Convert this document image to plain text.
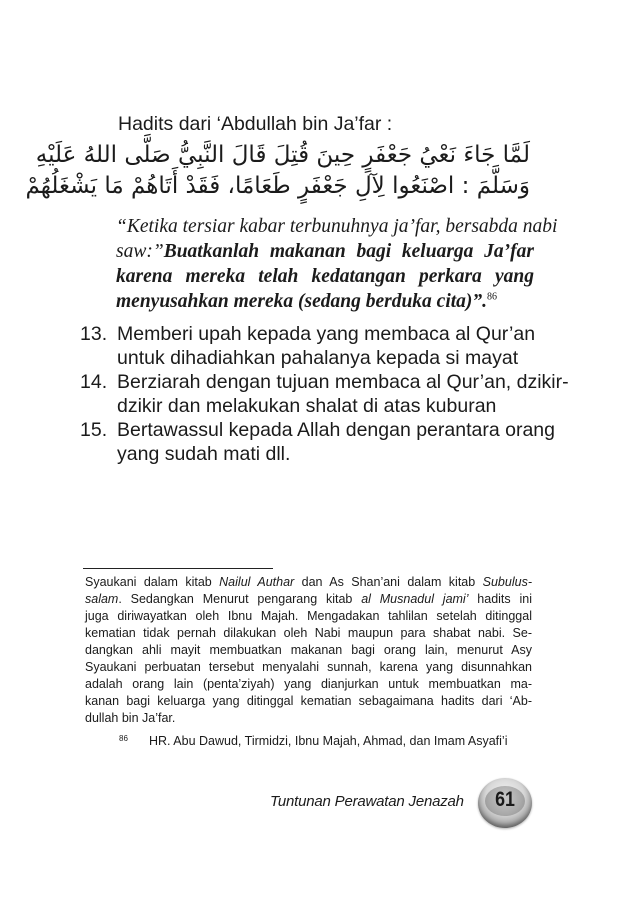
Hadits dari ‘Abdullah bin Ja’far :
لَمَّا جَاءَ نَعْيُ جَعْفَرٍ حِينَ قُتِلَ قَالَ النَّبِيُّ صَلَّى اللهُ عَلَيْهِ
وَسَلَّمَ : اصْنَعُوا لِآلِ جَعْفَرٍ طَعَامًا، فَقَدْ أَتَاهُمْ مَا يَشْغَلُهُمْ
“Ketika tersiar kabar terbunuhnya ja’far, bersabda nabi
saw:”Buatkanlah makanan bagi keluarga Ja’far
karena mereka telah kedatangan perkara yang
menyusahkan mereka (sedang berduka cita)”.$^{86}$
13. Memberi upah kepada yang membaca al Qur’an
untuk dihadiahkan pahalanya kepada si mayat
14. Berziarah dengan tujuan membaca al Qur’an, dzikir-
dzikir dan melakukan shalat di atas kuburan
15. Bertawassul kepada Allah dengan perantara orang
yang sudah mati dll.
Syaukani dalam kitab Nailul Authar dan As Shan’ani dalam kitab Subulus-
salam. Sedangkan Menurut pengarang kitab al Musnadul jami’ hadits ini
juga diriwayatkan oleh Ibnu Majah. Mengadakan tahlilan setelah ditinggal
kematian tidak pernah dilakukan oleh Nabi maupun para shabat nabi. Se-
dangkan ahli mayit membuatkan makanan bagi orang lain, menurut Asy
Syaukani perbuatan tersebut menyalahi sunnah, karena yang disunnahkan
adalah orang lain (penta’ziyah) yang dianjurkan untuk membuatkan ma-
kanan bagi keluarga yang ditinggal kematian sebagaimana hadits dari ‘Ab-
dullah bin Ja’far.
86 HR. Abu Dawud, Tirmidzi, Ibnu Majah, Ahmad, dan Imam Asyafi’i
Tuntunan Perawatan Jenazah	61
